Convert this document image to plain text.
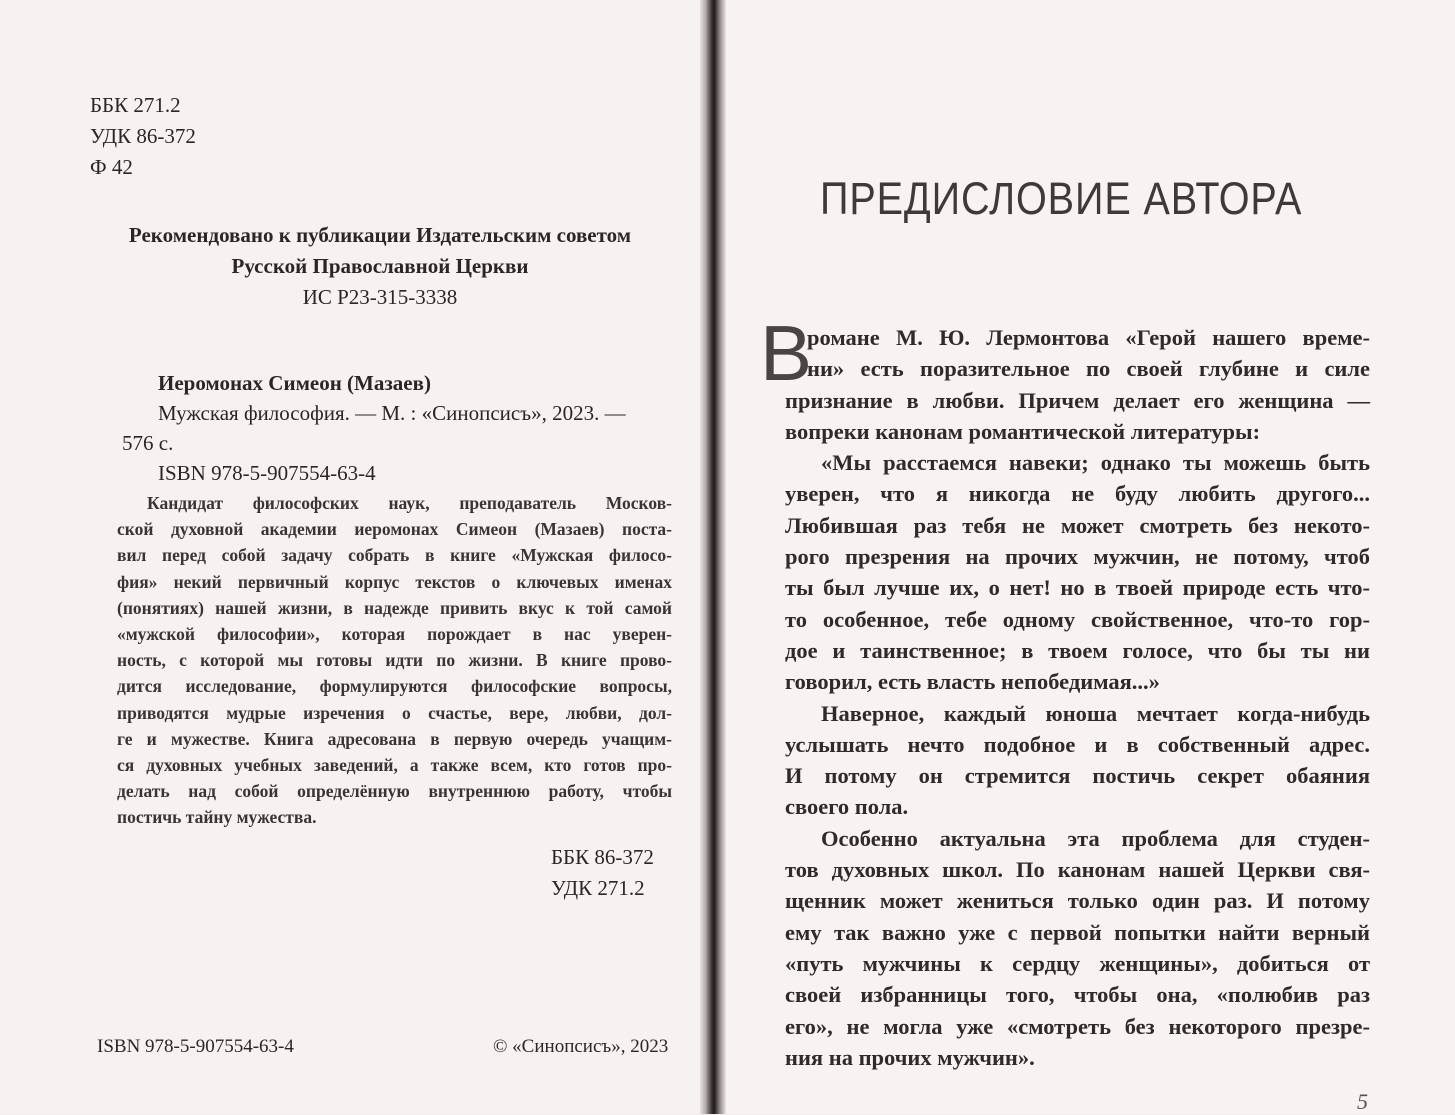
ББК 271.2
УДК 86-372
Ф 42
Рекомендовано к публикации Издательским советом
Русской Православной Церкви
ИС Р23-315-3338
Иеромонах Симеон (Мазаев)
Мужская философия. — М. : «Синопсисъ», 2023. —
576 с.
ISBN 978-5-907554-63-4
Кандидат философских наук, преподаватель Москов-
ской духовной академии иеромонах Симеон (Мазаев) поста-
вил перед собой задачу собрать в книге «Мужская филосо-
фия» некий первичный корпус текстов о ключевых именах
(понятиях) нашей жизни, в надежде привить вкус к той самой
«мужской философии», которая порождает в нас уверен-
ность, с которой мы готовы идти по жизни. В книге прово-
дится исследование, формулируются философские вопросы,
приводятся мудрые изречения о счастье, вере, любви, дол-
ге и мужестве. Книга адресована в первую очередь учащим-
ся духовных учебных заведений, а также всем, кто готов про-
делать над собой определённую внутреннюю работу, чтобы
постичь тайну мужества.
ББК 86-372
УДК 271.2
ISBN 978-5-907554-63-4	© «Синопсисъ», 2023
ПРЕДИСЛОВИЕ АВТОРА
В
романе М. Ю. Лермонтова «Герой нашего време-
ни» есть поразительное по своей глубине и силе
признание в любви. Причем делает его женщина —
вопреки канонам романтической литературы:
«Мы расстаемся навеки; однако ты можешь быть
уверен, что я никогда не буду любить другого...
Любившая раз тебя не может смотреть без некото-
рого презрения на прочих мужчин, не потому, чтоб
ты был лучше их, о нет! но в твоей природе есть что-
то особенное, тебе одному свойственное, что-то гор-
дое и таинственное; в твоем голосе, что бы ты ни
говорил, есть власть непобедимая...»
Наверное, каждый юноша мечтает когда-нибудь
услышать нечто подобное и в собственный адрес.
И потому он стремится постичь секрет обаяния
своего пола.
Особенно актуальна эта проблема для студен-
тов духовных школ. По канонам нашей Церкви свя-
щенник может жениться только один раз. И потому
ему так важно уже с первой попытки найти верный
«путь мужчины к сердцу женщины», добиться от
своей избранницы того, чтобы она, «полюбив раз
его», не могла уже «смотреть без некоторого презре-
ния на прочих мужчин».
5
